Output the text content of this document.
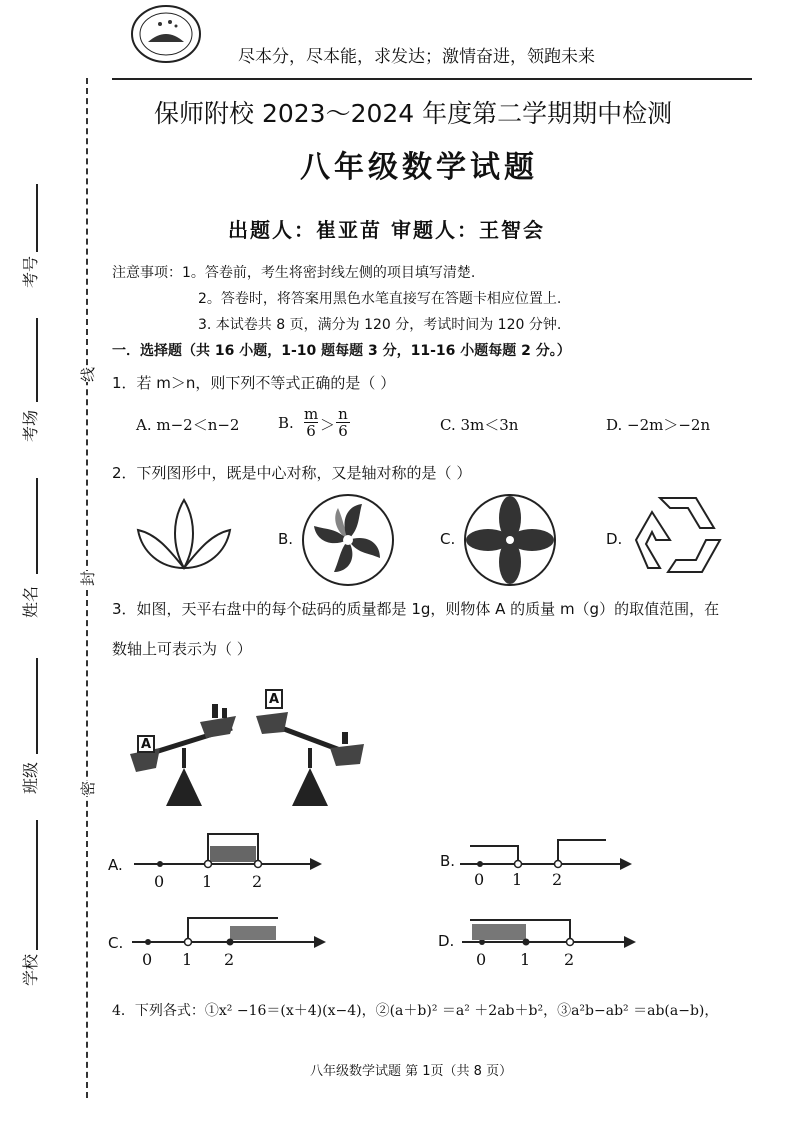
尽本分，尽本能，求发达；激情奋进，领跑未来
保师附校 2023～2024 年度第二学期期中检测
八年级数学试题
出题人：崔亚苗 审题人：王智会
注意事项：1。答卷前，考生将密封线左侧的项目填写清楚.
2。答卷时，将答案用黑色水笔直接写在答题卡相应位置上.
3. 本试卷共 8 页，满分为 120 分，考试时间为 120 分钟.
一．选择题（共 16 小题，1-10 题每题 3 分，11-16 小题每题 2 分。）
1．若 m＞n，则下列不等式正确的是（ ）
A. m−2＜n−2	B. m
6 ＞
n
6	C. 3m＜3n	D. −2m＞−2n
2．下列图形中，既是中心对称，又是轴对称的是（ ）
B.	C.	D.
3．如图，天平右盘中的每个砝码的质量都是 1g，则物体 A 的质量 m（g）的取值范围，在
数轴上可表示为（ ）
A
A
A.
0 1 2
B.
0 1 2
C.
0 1 2
D.
0 1 2
4．下列各式：①x² −16＝(x＋4)(x−4)，②(a＋b)² ＝a² ＋2ab＋b²，③a²b−ab² ＝ab(a−b)，
八年级数学试题 第 1页（共 8 页）
线
封
密
考号
考场
姓名
班级
学校
